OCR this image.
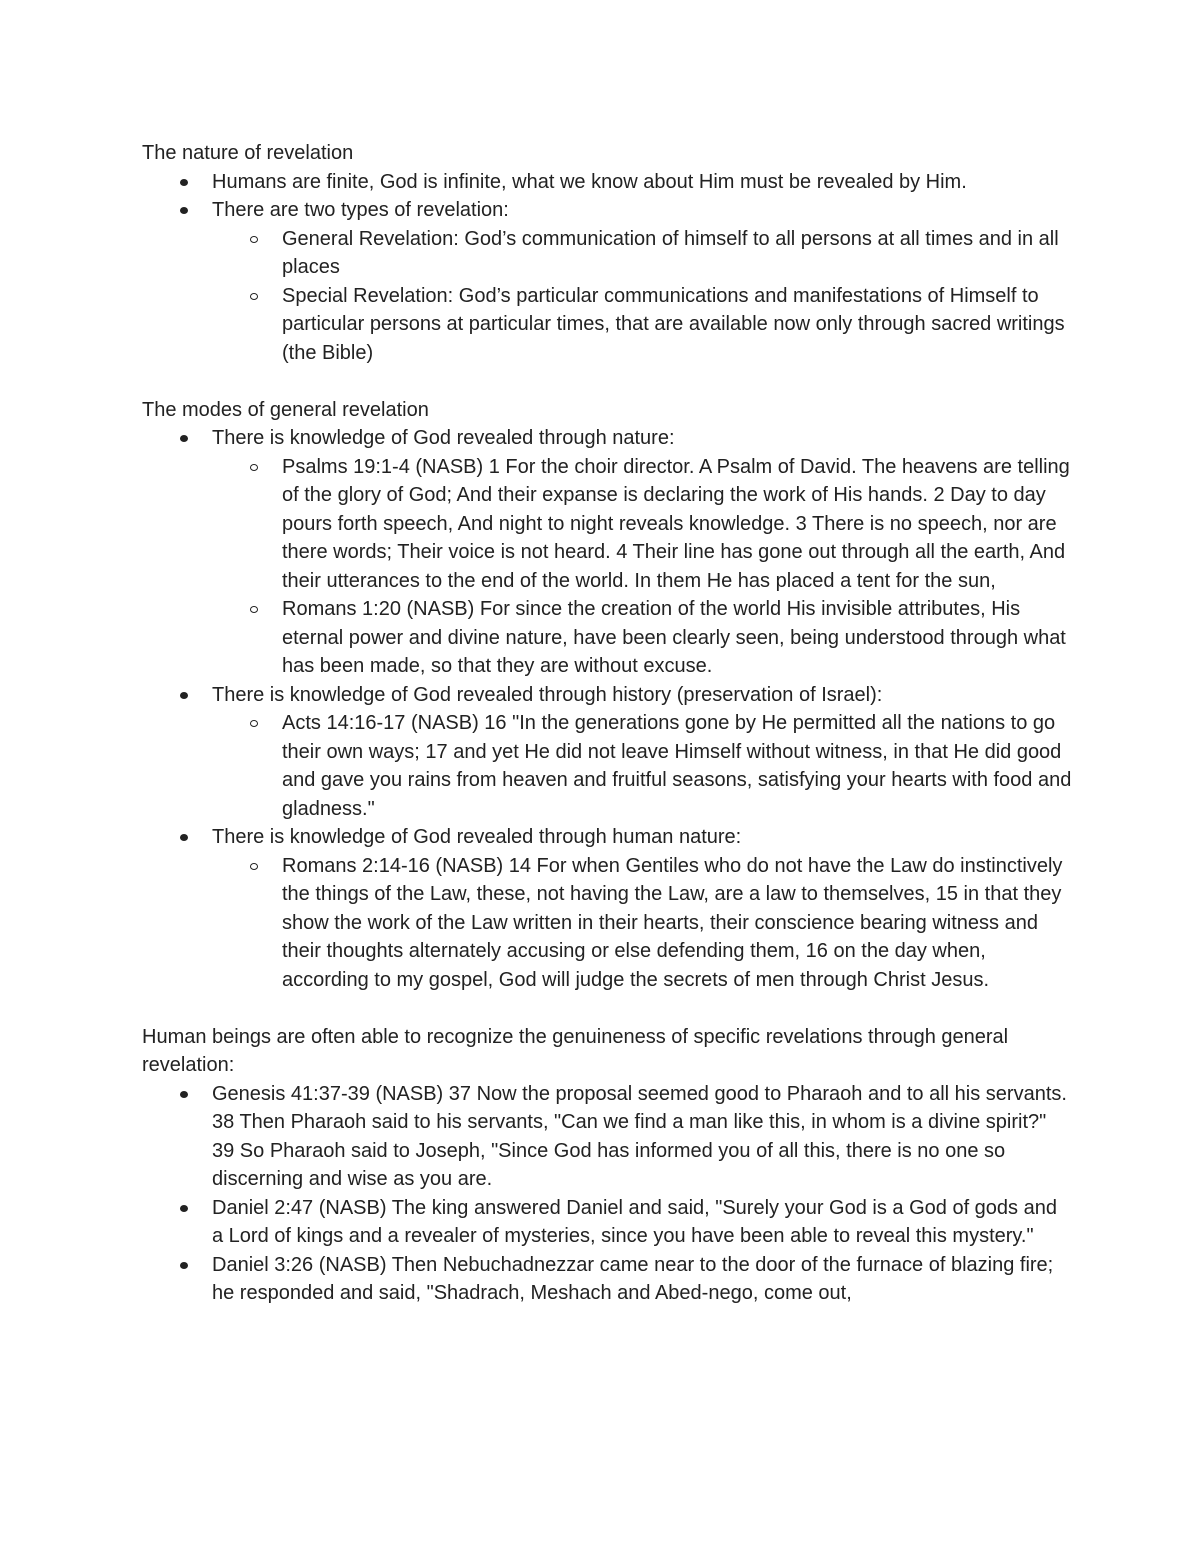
The nature of revelation

Humans are finite, God is infinite, what we know about Him must be revealed by Him.
There are two types of revelation:
General Revelation: God’s communication of himself to all persons at all times and in all places
Special Revelation: God’s particular communications and manifestations of Himself to particular persons at particular times, that are available now only through sacred writings (the Bible)

The modes of general revelation

There is knowledge of God revealed through nature:
Psalms 19:1-4 (NASB) 1 For the choir director. A Psalm of David. The heavens are telling of the glory of God; And their expanse is declaring the work of His hands. 2 Day to day pours forth speech, And night to night reveals knowledge. 3 There is no speech, nor are there words; Their voice is not heard. 4 Their line has gone out through all the earth, And their utterances to the end of the world. In them He has placed a tent for the sun,
Romans 1:20 (NASB) For since the creation of the world His invisible attributes, His eternal power and divine nature, have been clearly seen, being understood through what has been made, so that they are without excuse.
There is knowledge of God revealed through history (preservation of Israel):
Acts 14:16-17 (NASB) 16 "In the generations gone by He permitted all the nations to go their own ways; 17 and yet He did not leave Himself without witness, in that He did good and gave you rains from heaven and fruitful seasons, satisfying your hearts with food and gladness."
There is knowledge of God revealed through human nature:
Romans 2:14-16 (NASB) 14 For when Gentiles who do not have the Law do instinctively the things of the Law, these, not having the Law, are a law to themselves, 15 in that they show the work of the Law written in their hearts, their conscience bearing witness and their thoughts alternately accusing or else defending them, 16 on the day when, according to my gospel, God will judge the secrets of men through Christ Jesus.

Human beings are often able to recognize the genuineness of specific revelations through general revelation:

Genesis 41:37-39 (NASB) 37 Now the proposal seemed good to Pharaoh and to all his servants. 38 Then Pharaoh said to his servants, "Can we find a man like this, in whom is a divine spirit?" 39 So Pharaoh said to Joseph, "Since God has informed you of all this, there is no one so discerning and wise as you are.
Daniel 2:47 (NASB) The king answered Daniel and said, "Surely your God is a God of gods and a Lord of kings and a revealer of mysteries, since you have been able to reveal this mystery."
Daniel 3:26 (NASB) Then Nebuchadnezzar came near to the door of the furnace of blazing fire; he responded and said, "Shadrach, Meshach and Abed-nego, come out,
